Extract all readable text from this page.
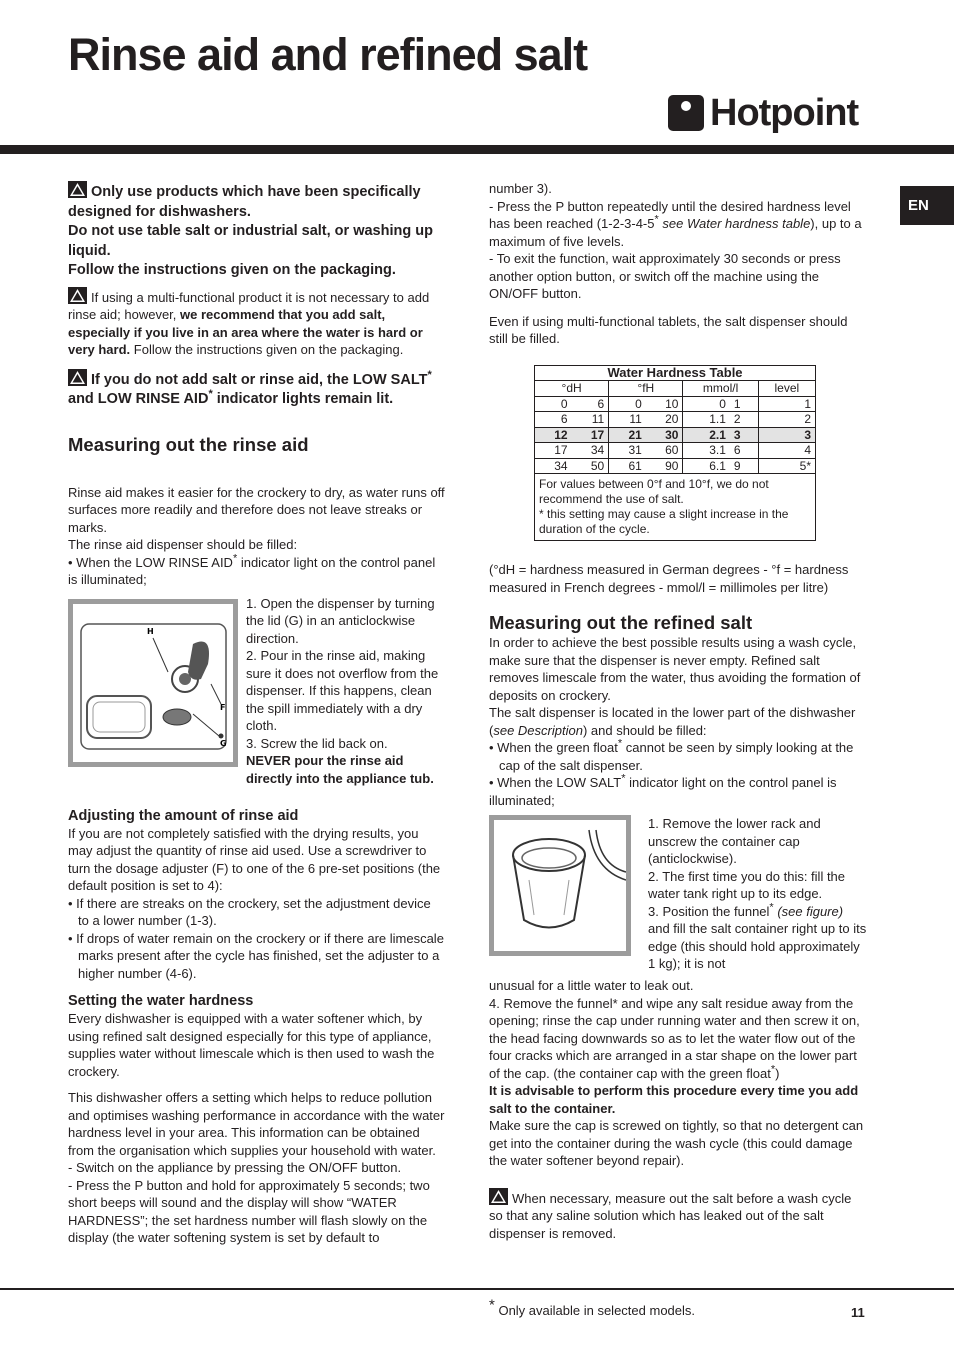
Rinse aid and refined salt
Hotpoint
EN

Only use products which have been specifically designed for dishwashers.
Do not use table salt or industrial salt, or washing up liquid.
Follow the instructions given on the packaging.

If using a multi-functional product it is not necessary to add rinse aid; however, we recommend that you add salt, especially if you live in an area where the water is hard or very hard. Follow the instructions given on the packaging.

If you do not add salt or rinse aid, the LOW SALT* and LOW RINSE AID* indicator lights remain lit.

Measuring out the rinse aid

Rinse aid makes it easier for the crockery to dry, as water runs off surfaces more readily and therefore does not leave streaks or marks.

The rinse aid dispenser should be filled:

• When the LOW RINSE AID* indicator light on the control panel is illuminated;

H
F
G

1. Open the dispenser by turning the lid (G) in an anticlockwise direction.

2. Pour in the rinse aid, making sure it does not overflow from the dispenser. If this happens, clean the spill immediately with a dry cloth.

3. Screw the lid back on.

NEVER pour the rinse aid directly into the appliance tub.

Adjusting the amount of rinse aid

If you are not completely satisfied with the drying results, you may adjust the quantity of rinse aid used. Use a screwdriver to turn the dosage adjuster (F) to one of the 6 pre-set positions (the default position is set to 4):

• If there are streaks on the crockery, set the adjustment device to a lower number (1-3).

• If drops of water remain on the crockery or if there are limescale marks present after the cycle has finished, set the adjuster to a higher number (4-6).

Setting the water hardness

Every dishwasher is equipped with a water softener which, by using refined salt designed especially for this type of appliance, supplies water without limescale which is then used to wash the crockery.

This dishwasher offers a setting which helps to reduce pollution and optimises washing performance in accordance with the water hardness level in your area. This information can be obtained from the organisation which supplies your household with water.

- Switch on the appliance by pressing the ON/OFF button.

- Press the P button and hold for approximately 5 seconds; two short beeps will sound and the display will show “WATER HARDNESS”; the set hardness number will flash slowly on the display (the water softening system is set by default to

number 3).

- Press the P button repeatedly until the desired hardness level has been reached (1-2-3-4-5* see Water hardness table), up to a maximum of five levels.

- To exit the function, wait approximately 30 seconds or press another option button, or switch off the machine using the ON/OFF button.

Even if using multi-functional tablets, the salt dispenser should still be filled.

Water Hardness Table						
°dH		°fH		mmol/l		level
0	6	0	10	0	1	1
6	11	11	20	1.1	2	2
12	17	21	30	2.1	3	3
17	34	31	60	3.1	6	4
34	50	61	90	6.1	9	5*
For values between 0°f and 10°f, we do not recommend the use of salt.
* this setting may cause a slight increase in the duration of the cycle.						

(°dH = hardness measured in German degrees - °f = hardness measured in French degrees - mmol/l = millimoles per litre)

Measuring out the refined salt

In order to achieve the best possible results using a wash cycle, make sure that the dispenser is never empty. Refined salt removes limescale from the water, thus avoiding the formation of deposits on crockery.

The salt dispenser is located in the lower part of the dishwasher (see Description) and should be filled:

• When the green float* cannot be seen by simply looking at the cap of the salt dispenser.

• When the LOW SALT* indicator light on the control panel is illuminated;

1. Remove the lower rack and unscrew the container cap (anticlockwise).

2. The first time you do this: fill the water tank right up to its edge.

3. Position the funnel* (see figure) and fill the salt container right up to its edge (this should hold approximately 1 kg); it is not

unusual for a little water to leak out.

4. Remove the funnel* and wipe any salt residue away from the opening; rinse the cap under running water and then screw it on, the head facing downwards so as to let the water flow out of the four cracks which are arranged in a star shape on the lower part of the cap. (the container cap with the green float*)

It is advisable to perform this procedure every time you add salt to the container.

Make sure the cap is screwed on tightly, so that no detergent can get into the container during the wash cycle (this could damage the water softener beyond repair).

When necessary, measure out the salt before a wash cycle so that any saline solution which has leaked out of the salt dispenser is removed.

* Only available in selected models.	11
